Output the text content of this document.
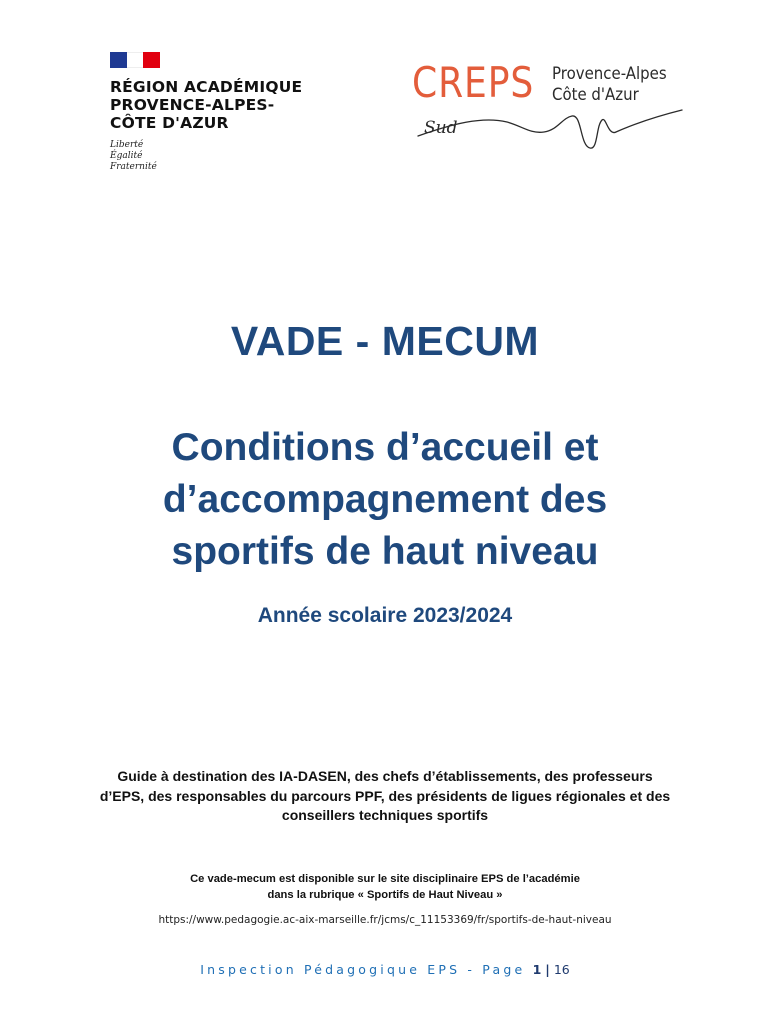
RÉGION ACADÉMIQUE
PROVENCE-ALPES-
CÔTE D'AZUR
Liberté
Égalité
Fraternité
CREPS Provence-Alpes
Côte d'Azur
Sud
VADE - MECUM
Conditions d’accueil et
d’accompagnement des
sportifs de haut niveau
Année scolaire 2023/2024
Guide à destination des IA-DASEN, des chefs d’établissements, des professeurs
d’EPS, des responsables du parcours PPF, des présidents de ligues régionales et des
conseillers techniques sportifs
Ce vade-mecum est disponible sur le site disciplinaire EPS de l’académie
dans la rubrique « Sportifs de Haut Niveau »
https://www.pedagogie.ac-aix-marseille.fr/jcms/c_11153369/fr/sportifs-de-haut-niveau
Inspection Pédagogique EPS - Page 1 | 16
